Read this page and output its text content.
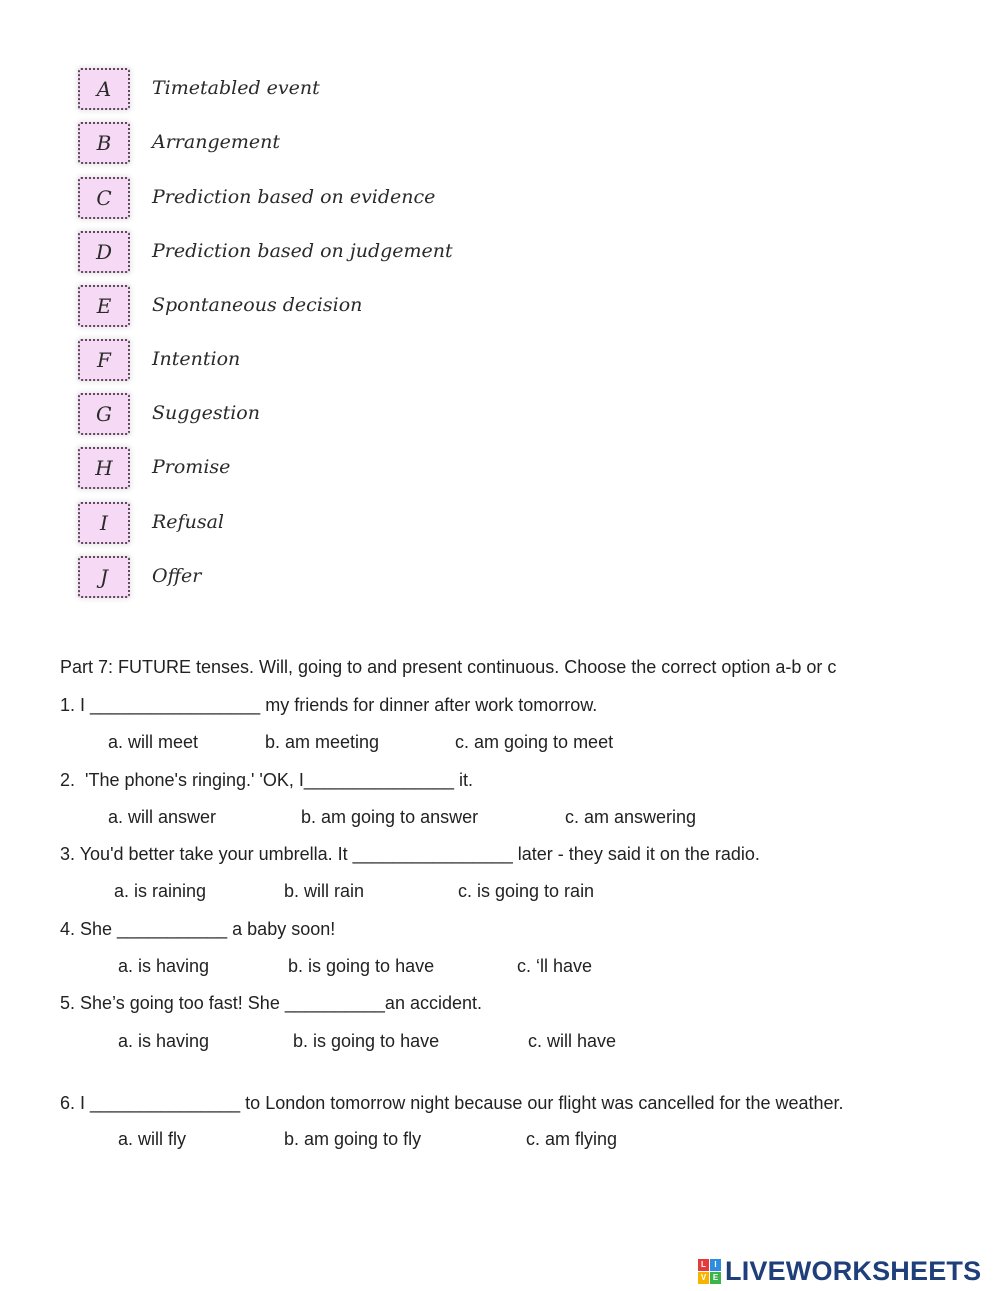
A	Timetabled event
B	Arrangement
C	Prediction based on evidence
D	Prediction based on judgement
E	Spontaneous decision
F	Intention
G	Suggestion
H	Promise
I	Refusal
J	Offer
Part 7: FUTURE tenses. Will, going to and present continuous. Choose the correct option a-b or c
1. I _________________ my friends for dinner after work tomorrow.
a. will meet	b. am meeting	c. am going to meet
2.  'The phone's ringing.' 'OK, I_______________ it.
a. will answer	b. am going to answer	c. am answering
3. You'd better take your umbrella. It ________________ later - they said it on the radio.
a. is raining	b. will rain	c. is going to rain
4. She ___________ a baby soon!
a. is having	b. is going to have	c. ‘ll have
5. She’s going too fast! She __________an accident.
a. is having	b. is going to have	c. will have
6. I _______________ to London tomorrow night because our flight was cancelled for the weather.
a. will fly	b. am going to fly	c. am flying
L	I
V E LIVEWORKSHEETS
